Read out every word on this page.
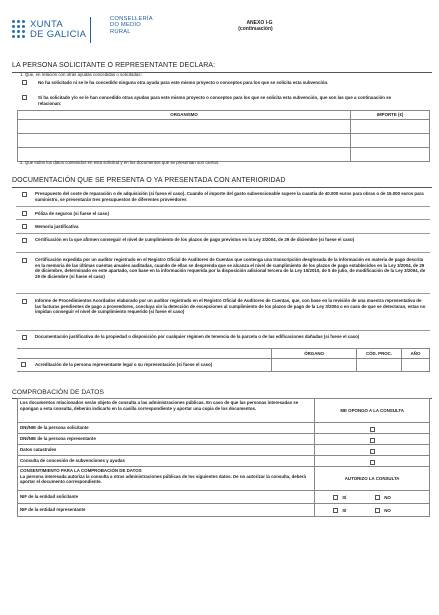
XUNTA
DE GALICIA
CONSELLERÍA
DO MEDIO
RURAL
ANEXO I-G
(continuación)
LA PERSONA SOLICITANTE O REPRESENTANTE DECLARA:
1. Que, en relación con otras ayudas concedidas o solicitadas:
No ha solicitado ni se le ha concedido ninguna otra ayuda para este mismo proyecto o conceptos para los que se solicita esta subvención.
Sí ha solicitado y/o se le han concedido otras ayudas para este mismo proyecto o conceptos para los que se solicita esta subvención, que son las que a continuación se relacionan:
ORGANISMO	IMPORTE (€)

2. Que todos los datos contenidos en esta solicitud y en los documentos que se presentan son ciertos.
DOCUMENTACIÓN QUE SE PRESENTA O YA PRESENTADA CON ANTERIORIDAD
Presupuesto del coste de reparación o de adquisición (si fuese el caso). Cuando el importe del gasto subvencionable supere la cuantía de 40.000 euros para obras o de 15.000 euros para suministro, se presentarán tres presupuestos de diferentes proveedores
Póliza de seguros (si fuese el caso)
Memoria justificativa
Certificación en la que afirmen conseguir el nivel de cumplimiento de los plazos de pago previstos en la Ley 3/2004, de 29 de diciembre (si fuese el caso)
Certificación expedida por un auditor registrado en el Registro Oficial de Auditores de Cuentas que contenga una transcripción desglosada de la información en materia de pago descrita en la memoria de las últimas cuentas anuales auditadas, cuando de ellas se desprenda que se alcanza el nivel de cumplimiento de los plazos de pago establecidos en la Ley 3/2004, de 29 de diciembre, determinado en este apartado, con base en la información requerida por la disposición adicional tercera de la Ley 15/2010, de 5 de julio, de modificación de la Ley 3/2004, de 29 de diciembre (si fuese el caso)
Informe de Procedimientos Acordados elaborado por un auditor registrado en el Registro Oficial de Auditores de Cuentas, que, con base en la revisión de una muestra representativa de las facturas pendientes de pago a proveedores, concluya sin la detección de excepciones al cumplimiento de los plazos de pago de la Ley 3/2004 o en caso de que se detectaran, estas no impidan conseguir el nivel de cumplimiento requerido (si fuese el caso)
Documentación justificativa de la propiedad o disposición por cualquier régimen de tenencia de la parcela o de las edificaciones dañadas (si fuese el caso)
	ÓRGANO	CÓD. PROC.	AÑO

Acreditación de la persona representante legal o su representación (si fuese el caso)			

COMPROBACIÓN DE DATOS
Los documentos relacionados serán objeto de consulta a las administraciones públicas. En caso de que las personas interesadas se opongan a esta consulta, deberán indicarlo en la casilla correspondiente y aportar una copia de los documentos.	ME OPONGO A LA CONSULTA
DNI/NIE de la persona solicitante	

DNI/NIE de la persona representante	

Datos catastrales	

Consulta de concesión de subvenciones y ayudas	

CONSENTIMIENTO PARA LA COMPROBACIÓN DE DATOS
La persona interesada autoriza la consulta a otras administraciones públicas de los siguientes datos. De no autorizar la consulta, deberá aportar el documento correspondiente.	AUTORIZO LA CONSULTA
NIF de la entidad solicitante	SÍ NO

NIF de la entidad representante	SÍ NO
